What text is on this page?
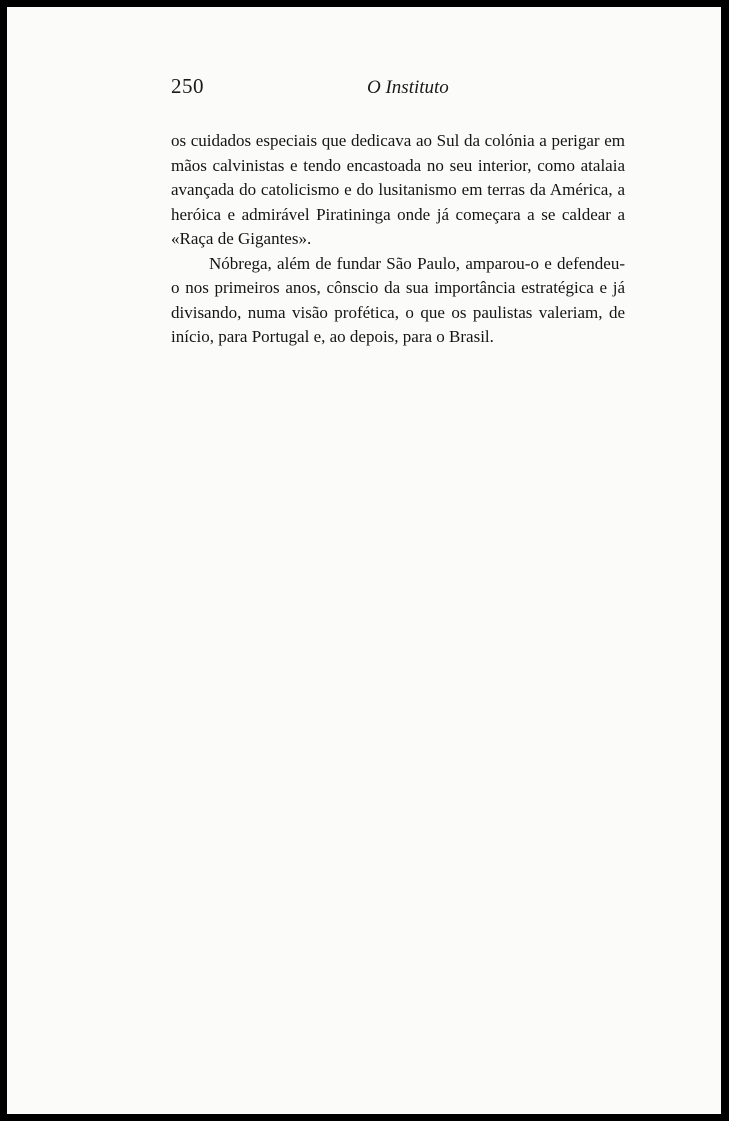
250	O Instituto

os cuidados especiais que dedicava ao Sul da colónia a perigar em mãos calvinistas e tendo encastoada no seu interior, como atalaia avançada do catolicismo e do lusitanismo em terras da América, a heróica e admirável Piratininga onde já começara a se caldear a «Raça de Gigantes».

Nóbrega, além de fundar São Paulo, amparou-o e defendeu-o nos primeiros anos, cônscio da sua importância estratégica e já divisando, numa visão profética, o que os paulistas valeriam, de início, para Portugal e, ao depois, para o Brasil.
